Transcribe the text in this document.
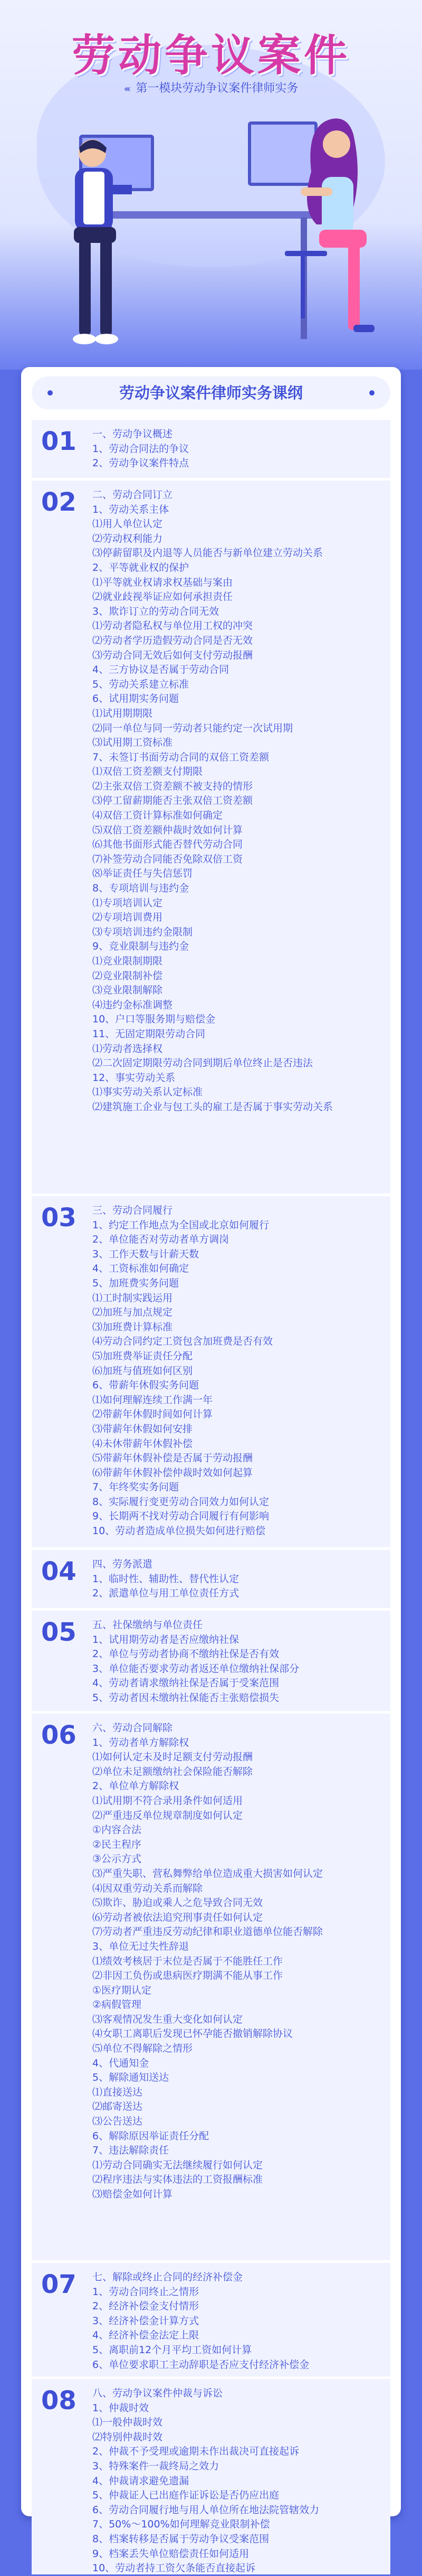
劳动争议案件
‹‹‹ 第一模块劳动争议案件律师实务
劳动争议案件律师实务课纲
01 一、劳动争议概述
1、劳动合同法的争议
2、劳动争议案件特点
02 二、劳动合同订立
1、劳动关系主体
⑴用人单位认定
⑵劳动权利能力
⑶停薪留职及内退等人员能否与新单位建立劳动关系
2、平等就业权的保护
⑴平等就业权请求权基础与案由
⑵就业歧视举证应如何承担责任
3、欺诈订立的劳动合同无效
⑴劳动者隐私权与单位用工权的冲突
⑵劳动者学历造假劳动合同是否无效
⑶劳动合同无效后如何支付劳动报酬
4、三方协议是否属于劳动合同
5、劳动关系建立标准
6、试用期实务问题
⑴试用期期限
⑵同一单位与同一劳动者只能约定一次试用期
⑶试用期工资标准
7、未签订书面劳动合同的双倍工资差额
⑴双倍工资差额支付期限
⑵主张双倍工资差额不被支持的情形
⑶停工留薪期能否主张双倍工资差额
⑷双倍工资计算标准如何确定
⑸双倍工资差额仲裁时效如何计算
⑹其他书面形式能否替代劳动合同
⑺补签劳动合同能否免除双倍工资
⑻举证责任与失信惩罚
8、专项培训与违约金
⑴专项培训认定
⑵专项培训费用
⑶专项培训违约金限制
9、竞业限制与违约金
⑴竞业限制期限
⑵竞业限制补偿
⑶竞业限制解除
⑷违约金标准调整
10、户口等服务期与赔偿金
11、无固定期限劳动合同
⑴劳动者选择权
⑵二次固定期限劳动合同到期后单位终止是否违法
12、事实劳动关系
⑴事实劳动关系认定标准
⑵建筑施工企业与包工头的雇工是否属于事实劳动关系
03 三、劳动合同履行
1、约定工作地点为全国或北京如何履行
2、单位能否对劳动者单方调岗
3、工作天数与计薪天数
4、工资标准如何确定
5、加班费实务问题
⑴工时制实践运用
⑵加班与加点规定
⑶加班费计算标准
⑷劳动合同约定工资包含加班费是否有效
⑸加班费举证责任分配
⑹加班与值班如何区别
6、带薪年休假实务问题
⑴如何理解连续工作满一年
⑵带薪年休假时间如何计算
⑶带薪年休假如何安排
⑷未休带薪年休假补偿
⑸带薪年休假补偿是否属于劳动报酬
⑹带薪年休假补偿仲裁时效如何起算
7、年终奖实务问题
8、实际履行变更劳动合同效力如何认定
9、长期两不找对劳动合同履行有何影响
10、劳动者造成单位损失如何进行赔偿
04 四、劳务派遣
1、临时性、辅助性、替代性认定
2、派遣单位与用工单位责任方式
05 五、社保缴纳与单位责任
1、试用期劳动者是否应缴纳社保
2、单位与劳动者协商不缴纳社保是否有效
3、单位能否要求劳动者返还单位缴纳社保部分
4、劳动者请求缴纳社保是否属于受案范围
5、劳动者因未缴纳社保能否主张赔偿损失
06 六、劳动合同解除
1、劳动者单方解除权
⑴如何认定未及时足额支付劳动报酬
⑵单位未足额缴纳社会保险能否解除
2、单位单方解除权
⑴试用期不符合录用条件如何适用
⑵严重违反单位规章制度如何认定
①内容合法
②民主程序
③公示方式
⑶严重失职、营私舞弊给单位造成重大损害如何认定
⑷因双重劳动关系而解除
⑸欺诈、胁迫或乘人之危导致合同无效
⑹劳动者被依法追究刑事责任如何认定
⑺劳动者严重违反劳动纪律和职业道德单位能否解除
3、单位无过失性辞退
⑴绩效考核居于末位是否属于不能胜任工作
⑵非因工负伤或患病医疗期满不能从事工作
①医疗期认定
②病假管理
⑶客观情况发生重大变化如何认定
⑷女职工离职后发现已怀孕能否撤销解除协议
⑸单位不得解除之情形
4、代通知金
5、解除通知送达
⑴直接送达
⑵邮寄送达
⑶公告送达
6、解除原因举证责任分配
7、违法解除责任
⑴劳动合同确实无法继续履行如何认定
⑵程序违法与实体违法的工资报酬标准
⑶赔偿金如何计算
07 七、解除或终止合同的经济补偿金
1、劳动合同终止之情形
2、经济补偿金支付情形
3、经济补偿金计算方式
4、经济补偿金法定上限
5、离职前12个月平均工资如何计算
6、单位要求职工主动辞职是否应支付经济补偿金
08 八、劳动争议案件仲裁与诉讼
1、仲裁时效
⑴一般仲裁时效
⑵特别仲裁时效
2、仲裁不予受理或逾期未作出裁决可直接起诉
3、特殊案件一裁终局之效力
4、仲裁请求避免遗漏
5、仲裁证人已出庭作证诉讼是否仍应出庭
6、劳动合同履行地与用人单位所在地法院管辖效力
7、50%～100%如何理解竞业限制补偿
8、档案转移是否属于劳动争议受案范围
9、档案丢失单位赔偿责任如何适用
10、劳动者持工资欠条能否直接起诉
